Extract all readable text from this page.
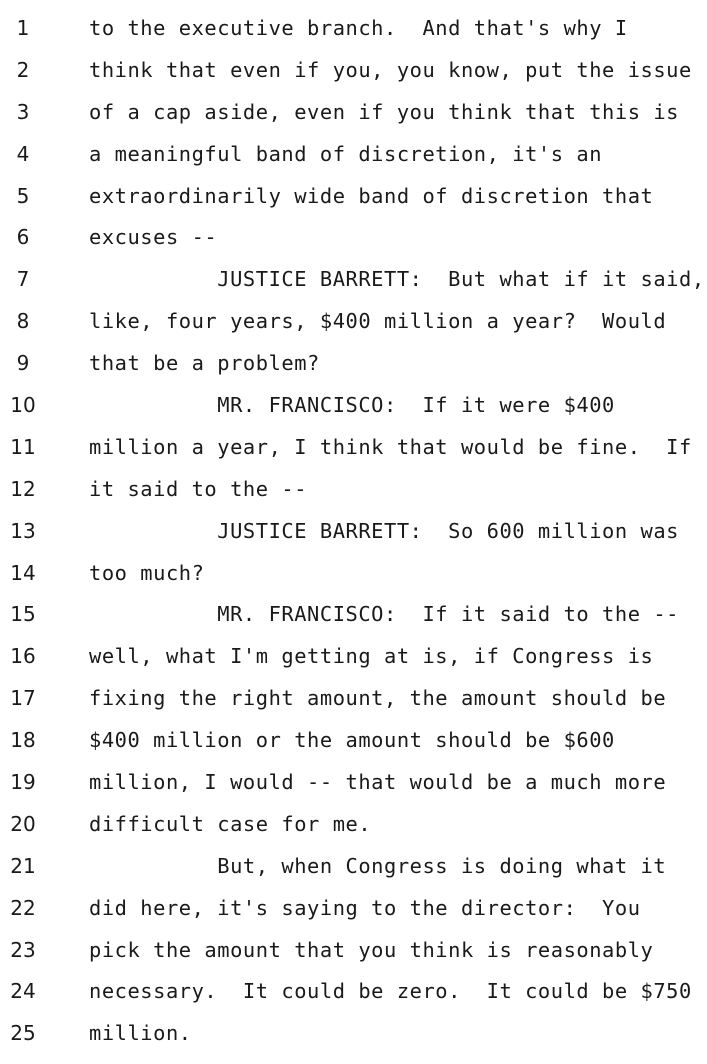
1	to the executive branch.  And that's why I
2	think that even if you, you know, put the issue
3	of a cap aside, even if you think that this is
4	a meaningful band of discretion, it's an
5	extraordinarily wide band of discretion that
6	excuses --
7	JUSTICE BARRETT:  But what if it said,
8	like, four years, $400 million a year?  Would
9	that be a problem?
10	MR. FRANCISCO:  If it were $400
11	million a year, I think that would be fine.  If
12	it said to the --
13	JUSTICE BARRETT:  So 600 million was
14	too much?
15	MR. FRANCISCO:  If it said to the --
16	well, what I'm getting at is, if Congress is
17	fixing the right amount, the amount should be
18	$400 million or the amount should be $600
19	million, I would -- that would be a much more
20	difficult case for me.
21	But, when Congress is doing what it
22	did here, it's saying to the director:  You
23	pick the amount that you think is reasonably
24	necessary.  It could be zero.  It could be $750
25	million.
